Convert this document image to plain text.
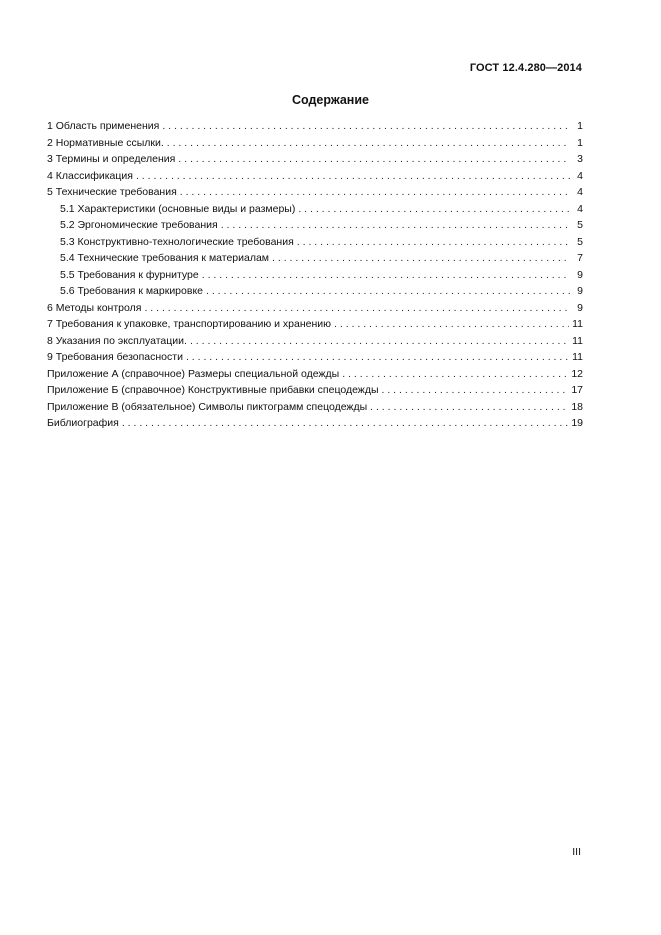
ГОСТ 12.4.280—2014
Содержание
1 Область применения . . .	1
2 Нормативные ссылки. . . .	1
3 Термины и определения . . .	3
4 Классификация . . .	4
5 Технические требования . . .	4
5.1 Характеристики (основные виды и размеры) . . .	4
5.2 Эргономические требования . . .	5
5.3 Конструктивно-технологические требования . . .	5
5.4 Технические требования к материалам . . .	7
5.5 Требования к фурнитуре . . .	9
5.6 Требования к маркировке . . .	9
6 Методы контроля . . .	9
7 Требования к упаковке, транспортированию и хранению . . .	11
8 Указания по эксплуатации. . . .	11
9 Требования безопасности . . .	11
Приложение А (справочное) Размеры специальной одежды . . .	12
Приложение Б (справочное) Конструктивные прибавки спецодежды . . .	17
Приложение В (обязательное) Символы пиктограмм спецодежды . . .	18
Библиография . . .	19
III
